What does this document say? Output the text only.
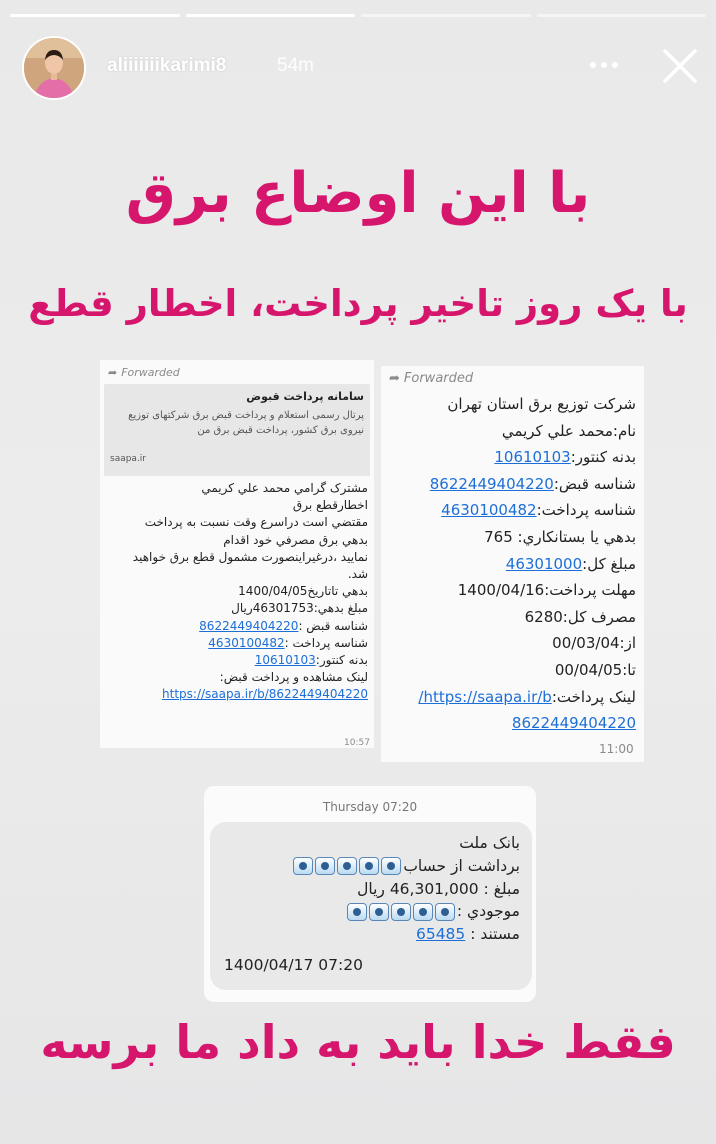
aliiiiiiikarimi8	54m
با این اوضاع برق
با یک روز تاخیر پرداخت، اخطار قطع
➦ Forwarded
سامانه پرداخت قبوض
پرتال رسمی استعلام و پرداخت قبض برق شرکتهای توزیع نیروی برق کشور، پرداخت قبض برق من
saapa.ir
مشترک گرامي محمد علي کريمي
اخطارقطع برق
مقتضي است دراسرع وقت نسبت به پرداخت
بدهي برق مصرفي خود اقدام
نماييد ،درغيراينصورت مشمول قطع برق خواهيد
شد.
بدهي تاتاريخ1400/04/05
مبلغ بدهي:46301753ريال
شناسه قبض :8622449404220
شناسه پرداخت :4630100482
بدنه کنتور:10610103
لينک مشاهده و پرداخت قبض:
https://saapa.ir/b/8622449404220
10:57
➦ Forwarded
شرکت توزيع برق استان تهران
نام:محمد علي کريمي
بدنه کنتور:10610103
شناسه قبض:8622449404220
شناسه پرداخت:4630100482
بدهي يا بستانکاري: 765
مبلغ کل:46301000
مهلت پرداخت:1400/04/16
مصرف کل:6280
از:00/03/04
تا:00/04/05
لينک پرداخت:https://saapa.ir/b/
8622449404220
11:00
Thursday 07:20
بانک ملت
برداشت از حساب
مبلغ : 46,301,000 ريال
موجودي :
مستند : 65485
1400/04/17 07:20
فقط خدا باید به داد ما برسه
